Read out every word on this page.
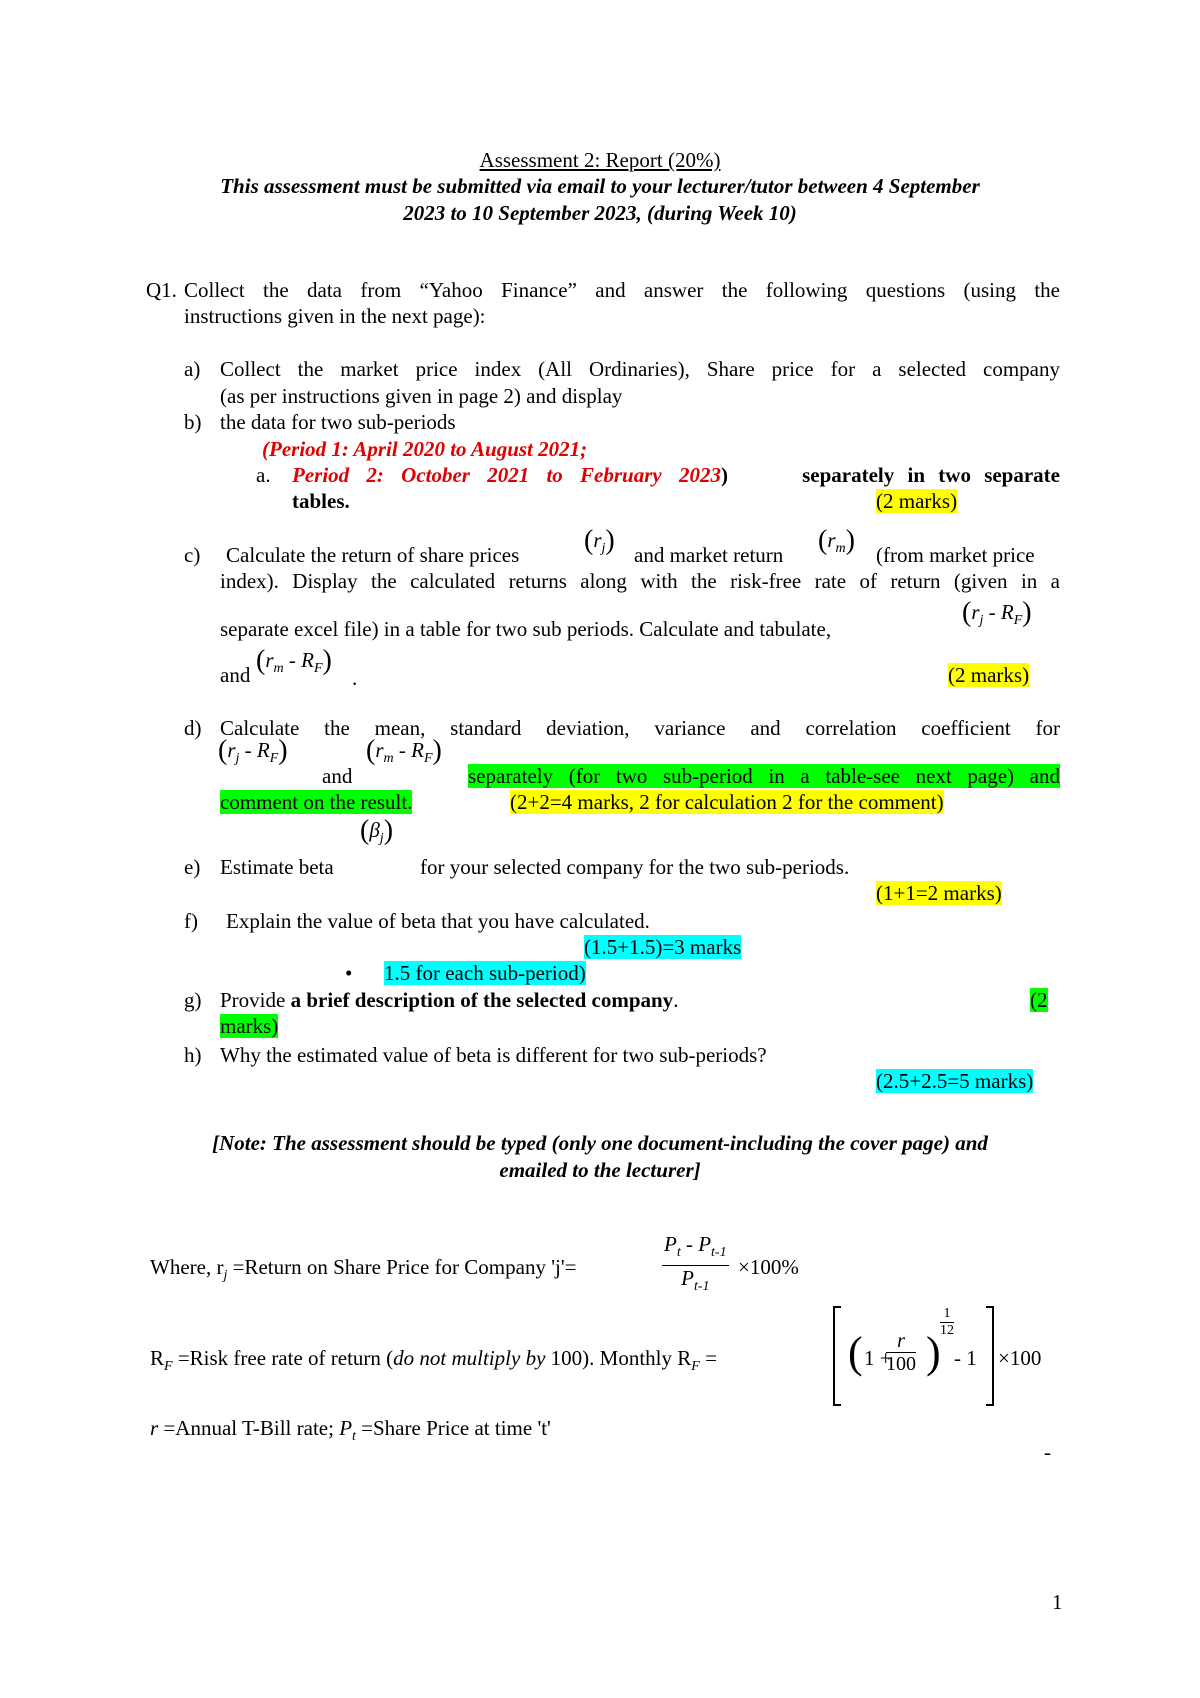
Assessment 2: Report (20%)
This assessment must be submitted via email to your lecturer/tutor between 4 September
2023 to 10 September 2023, (during Week 10)
Q1. Collect the data from “Yahoo Finance” and answer the following questions (using the
instructions given in the next page):
a) Collect the market price index (All Ordinaries), Share price for a selected company
(as per instructions given in page 2) and display
b) the data for two sub-periods
(Period 1: April 2020 to August 2021;
a. Period 2: October 2021 to February 2023)	separately in two separate
tables.	(2 marks)
c) Calculate the return of share prices $(r_j)$ and market return $(r_m)$ (from market price
index). Display the calculated returns along with the risk-free rate of return (given in a
separate excel file) in a table for two sub periods. Calculate and tabulate,
$(r_j - R_F)$
and $(r_m - R_F)$
.	(2 marks)
d) Calculate the mean, standard deviation, variance and correlation coefficient for
$(r_j - R_F)$
and
$(r_m - R_F)$
separately (for two sub-period in a table-see next page) and
comment on the result.	(2+2=4 marks, 2 for calculation 2 for the comment)
e) Estimate beta
$(\beta_j)$
for your selected company for the two sub-periods.
(1+1=2 marks)
f) Explain the value of beta that you have calculated.
(1.5+1.5)=3 marks
• 1.5 for each sub-period)
g) Provide a brief description of the selected company.	(2
marks)
h) Why the estimated value of beta is different for two sub-periods?
(2.5+2.5=5 marks)
[Note: The assessment should be typed (only one document-including the cover page) and
emailed to the lecturer]
Where, $r_j$ =Return on Share Price for Company 'j'=	$\frac{P_t - P_{t-1}}{P_{t-1}} \times 100\%$
$R_F$ =Risk free rate of return (do not multiply by 100). Monthly $R_F$ =	( 1 +
$\frac{r}{100}$ )
$\frac{1}{12}$
- 1 ×100
r =Annual T-Bill rate; $P_t$ =Share Price at time 't'
-
1
